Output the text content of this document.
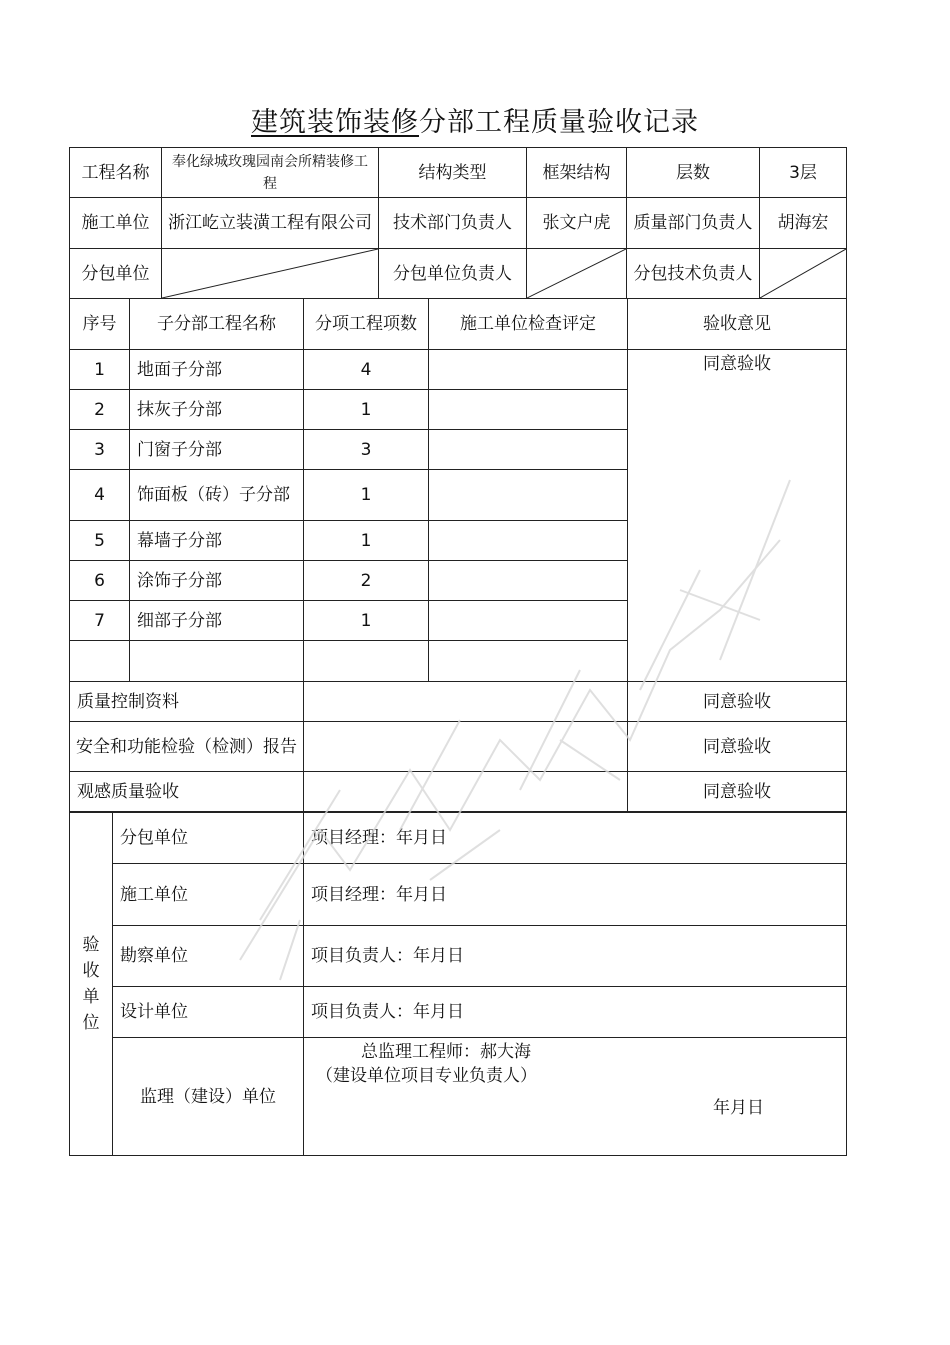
建筑装饰装修分部工程质量验收记录
工程名称	奉化绿城玫瑰园南会所精装修工程	结构类型	框架结构	层数	3层
施工单位	浙江屹立装潢工程有限公司	技术部门负责人	张文户虎	质量部门负责人	胡海宏
分包单位		分包单位负责人		分包技术负责人	
序号	子分部工程名称	分项工程项数	施工单位检查评定	验收意见
1	地面子分部	4		同意验收
2	抹灰子分部	1		
3	门窗子分部	3		
4	饰面板（砖）子分部	1		
5	幕墙子分部	1		
6	涂饰子分部	2		
7	细部子分部	1		

质量控制资料				同意验收
安全和功能检验（检测）报告				同意验收
观感质量验收				同意验收
验收单位	分包单位	项目经理：年月日
	施工单位	项目经理：年月日
	勘察单位	项目负责人：年月日
	设计单位	项目负责人：年月日
	监理（建设）单位	总监理工程师：郝大海
（建设单位项目专业负责人）
年月日
